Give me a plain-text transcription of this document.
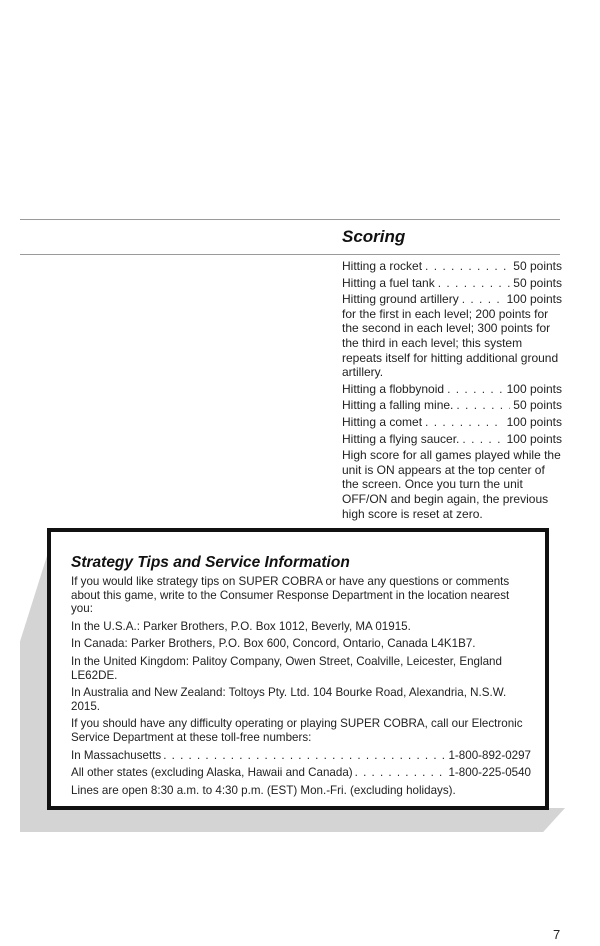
Scoring
Hitting a rocket . . .	50 points
Hitting a fuel tank . . .	50 points
Hitting ground artillery . . .	100 points
for the first in each level; 200 points for the second in each level; 300 points for the third in each level; this system repeats itself for hitting additional ground artillery.
Hitting a flobbynoid . . .	100 points
Hitting a falling mine. . . .	50 points
Hitting a comet . . .	100 points
Hitting a flying saucer. . . .	100 points
High score for all games played while the unit is ON appears at the top center of the screen. Once you turn the unit OFF/ON and begin again, the previous high score is reset at zero.
Strategy Tips and Service Information
If you would like strategy tips on SUPER COBRA or have any questions or comments about this game, write to the Consumer Response Department in the location nearest you:
In the U.S.A.: Parker Brothers, P.O. Box 1012, Beverly, MA 01915.
In Canada: Parker Brothers, P.O. Box 600, Concord, Ontario, Canada L4K1B7.
In the United Kingdom: Palitoy Company, Owen Street, Coalville, Leicester, England LE62DE.
In Australia and New Zealand: Toltoys Pty. Ltd. 104 Bourke Road, Alexandria, N.S.W. 2015.
If you should have any difficulty operating or playing SUPER COBRA, call our Electronic Service Department at these toll-free numbers:
In Massachusetts . . .	1-800-892-0297
All other states (excluding Alaska, Hawaii and Canada) . . .	1-800-225-0540
Lines are open 8:30 a.m. to 4:30 p.m. (EST) Mon.-Fri. (excluding holidays).
7
